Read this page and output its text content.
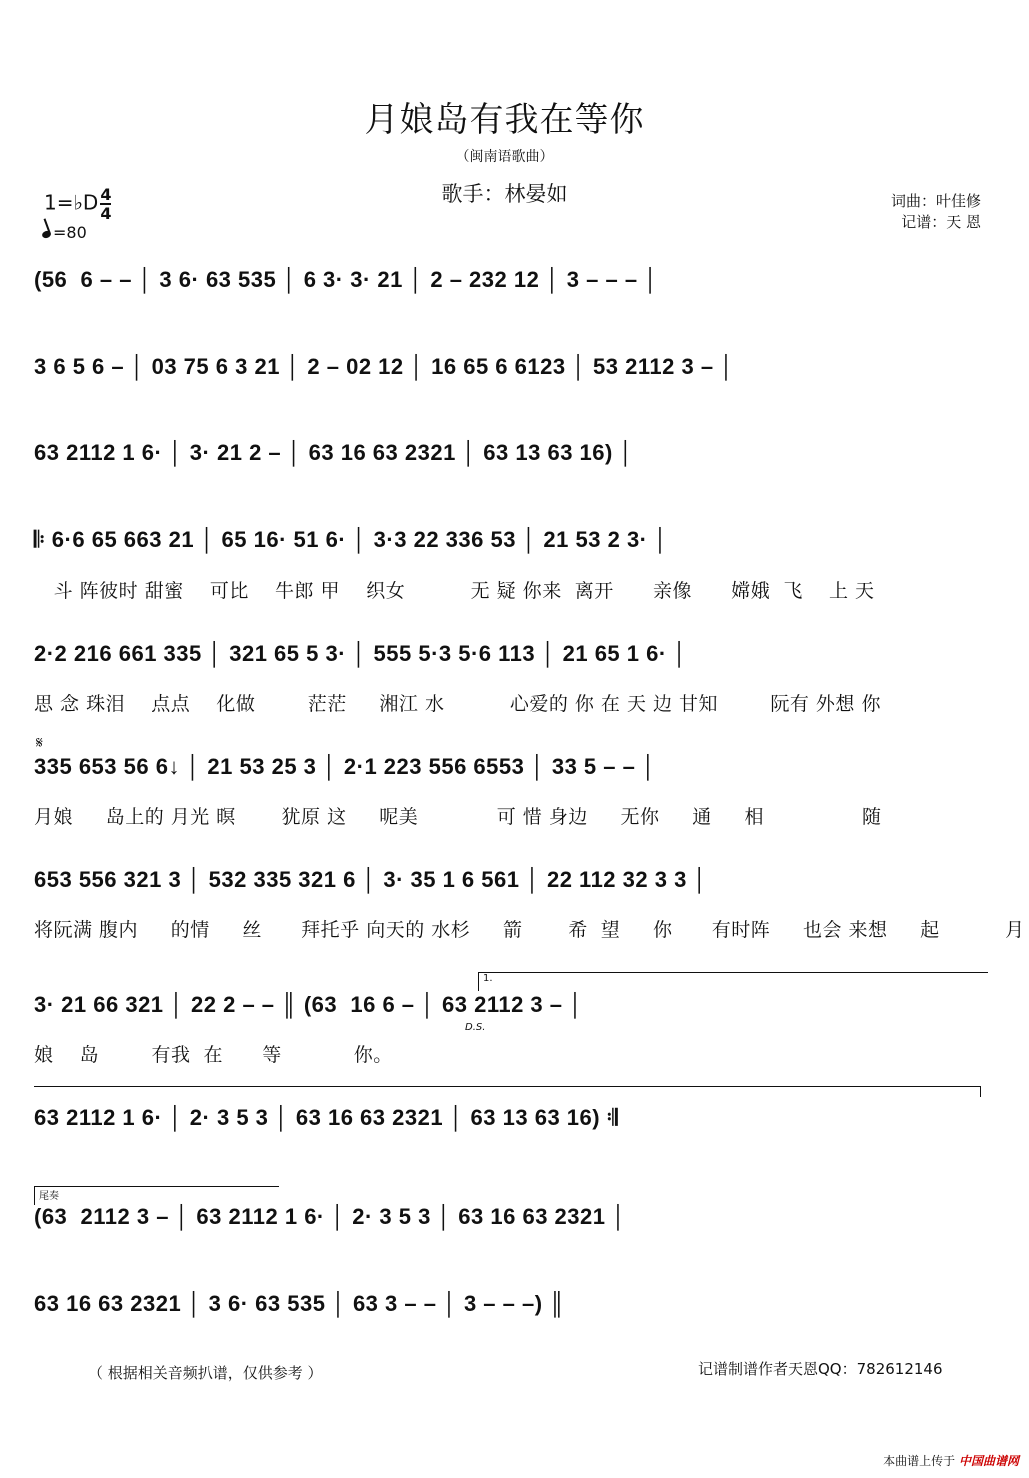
月娘岛有我在等你
（闽南语歌曲）
歌手：林晏如	词曲：叶佳修
记谱：天 恩
1=♭D $\frac{4}{4}$
=80
(56  6 – – │ 3 6· 63 535 │ 6 3· 3· 21 │ 2 – 232 12 │ 3 – – – │
3 6 5 6 – │ 03 75 6 3 21 │ 2 – 02 12 │ 16 65 6 6123 │ 53 2112 3 – │
63 2112 1 6· │ 3· 21 2 – │ 63 16 63 2321 │ 63 13 63 16) │
𝄆 6·6 65 663 21 │ 65 16· 51 6· │ 3·3 22 336 53 │ 21 53 2 3· │
斗 阵彼时 甜蜜    可比    牛郎 甲    织女          无 疑 你来  离开      亲像      嫦娥  飞    上 天
2·2 216 661 335 │ 321 65 5 3· │ 555 5·3 5·6 113 │ 21 65 1 6· │
思 念 珠泪    点点    化做        茫茫     湘江 水          心爱的 你 在 天 边 甘知        阮有 外想 你
𝄋
335 653 56 6↓ │ 21 53 25 3 │ 2·1 223 556 6553 │ 33 5 – – │
月娘     岛上的 月光 暝       犹原 这     呢美            可 惜 身边     无你     通     相               随
653 556 321 3 │ 532 335 321 6 │ 3· 35 1 6 561 │ 22 112 32 3 3 │
将阮满 腹内     的情     丝      拜托乎 向天的 水杉     箭       希  望     你      有时阵     也会 来想     起          月
1.
3· 21 66 321 │ 22 2 – – ║ (63  16 6 – │ 63 2112 3 – │
D.S.
娘    岛        有我  在      等           你。
63 2112 1 6· │ 2· 3 5 3 │ 63 16 63 2321 │ 63 13 63 16) 𝄇
尾奏
(63  2112 3 – │ 63 2112 1 6· │ 2· 3 5 3 │ 63 16 63 2321 │
63 16 63 2321 │ 3 6· 63 535 │ 63 3 – – │ 3 – – –) ║
（ 根据相关音频扒谱，仅供参考 ）	记谱制谱作者天恩QQ：782612146
本曲谱上传于 中国曲谱网
